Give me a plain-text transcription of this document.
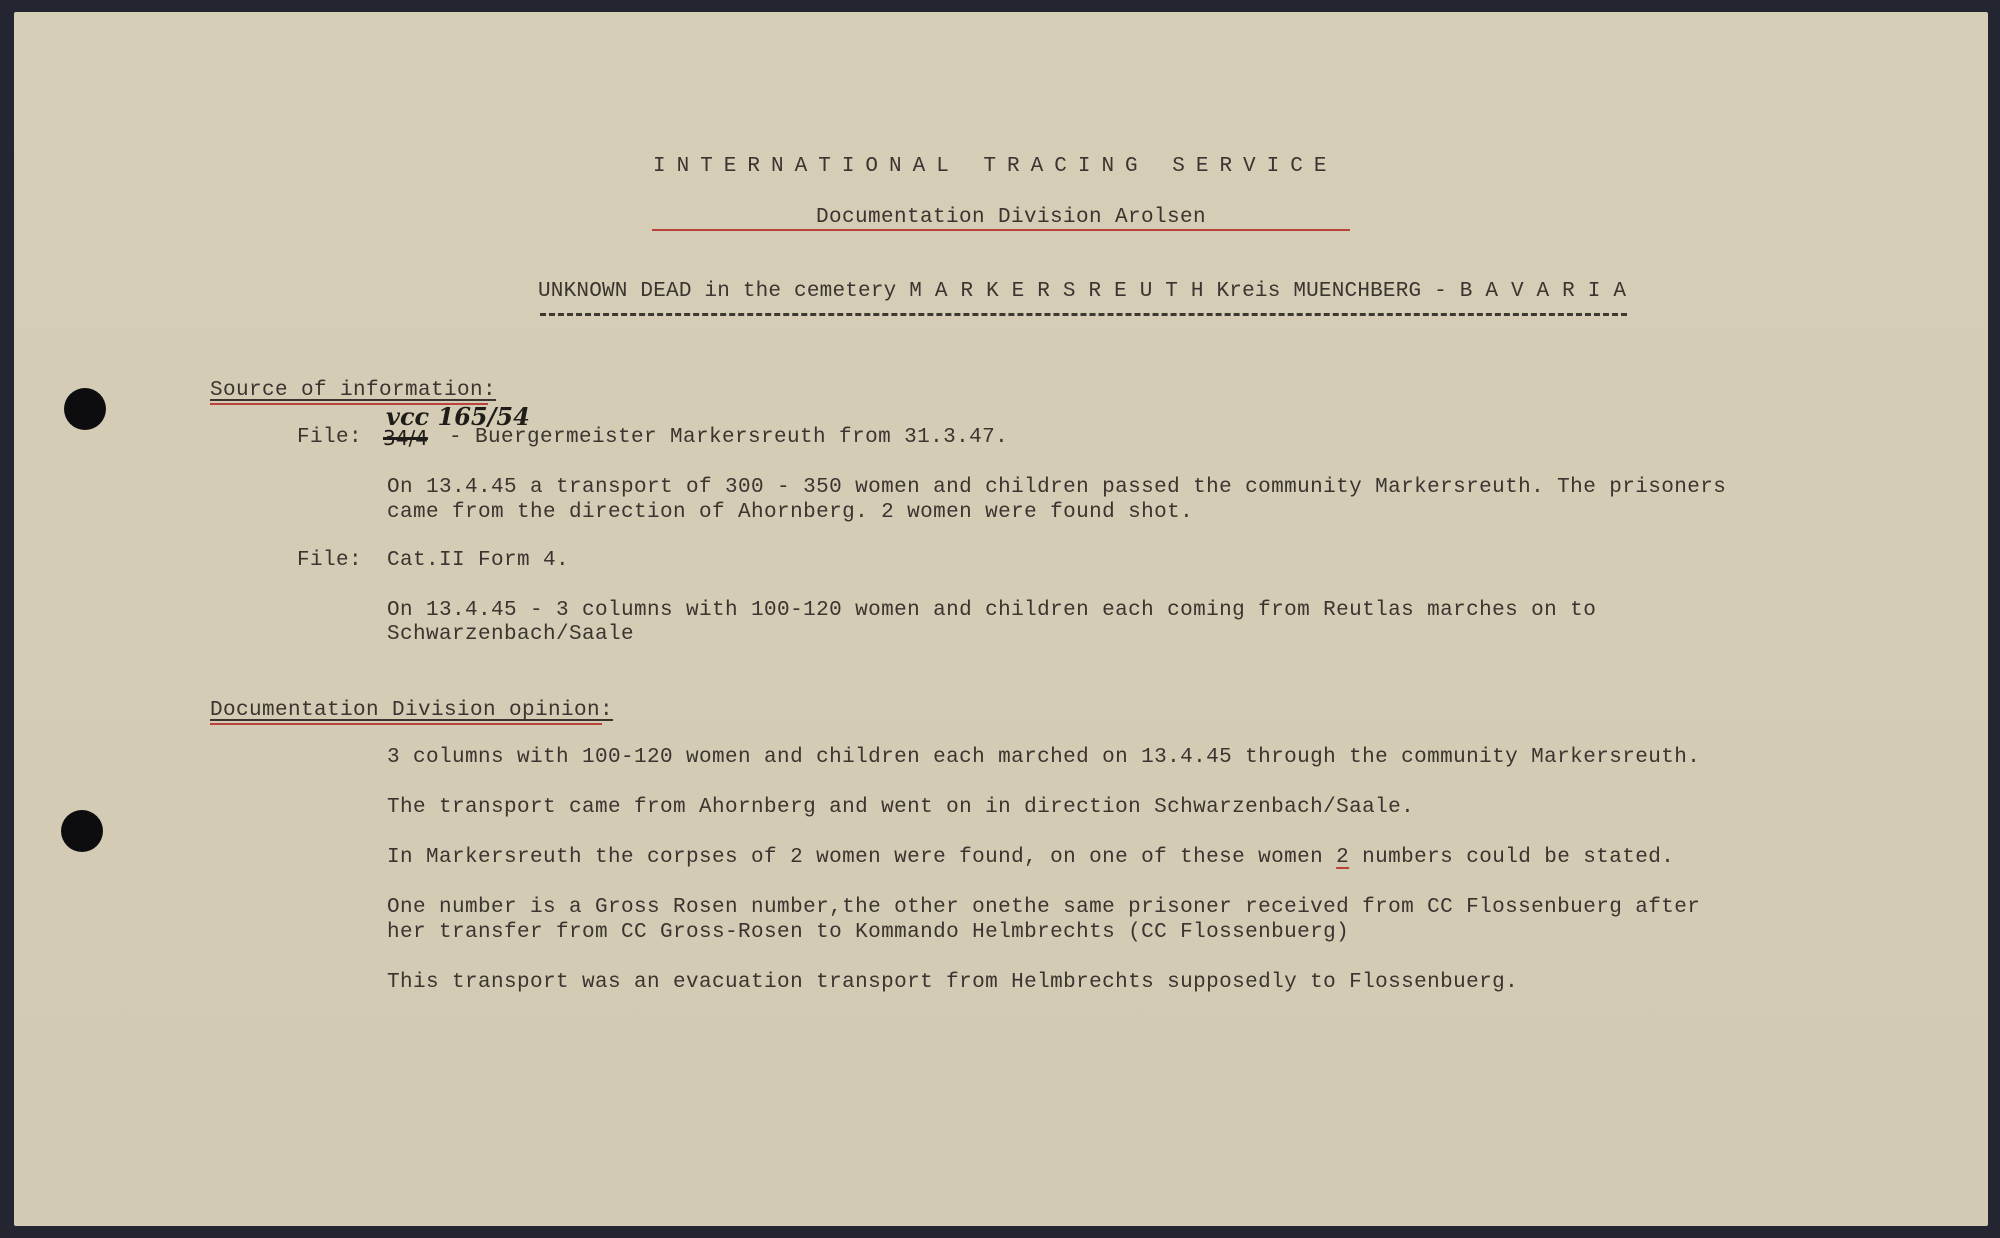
INTERNATIONAL TRACING SERVICE
Documentation Division Arolsen
UNKNOWN DEAD in the cemetery M A R K E R S R E U T H Kreis MUENCHBERG - B A V A R I A
Source of information:
vcc 165/54
File: 34/4 - Buergermeister Markersreuth from 31.3.47.
On 13.4.45 a transport of 300 - 350 women and children passed the community Markersreuth. The prisoners
came from the direction of Ahornberg. 2 women were found shot.
File: Cat.II Form 4.
On 13.4.45 - 3 columns with 100-120 women and children each coming from Reutlas marches on to
Schwarzenbach/Saale
Documentation Division opinion:
3 columns with 100-120 women and children each marched on 13.4.45 through the community Markersreuth.
The transport came from Ahornberg and went on in direction Schwarzenbach/Saale.
In Markersreuth the corpses of 2 women were found, on one of these women 2 numbers could be stated.
One number is a Gross Rosen number,the other onethe same prisoner received from CC Flossenbuerg after
her transfer from CC Gross-Rosen to Kommando Helmbrechts (CC Flossenbuerg)
This transport was an evacuation transport from Helmbrechts supposedly to Flossenbuerg.
